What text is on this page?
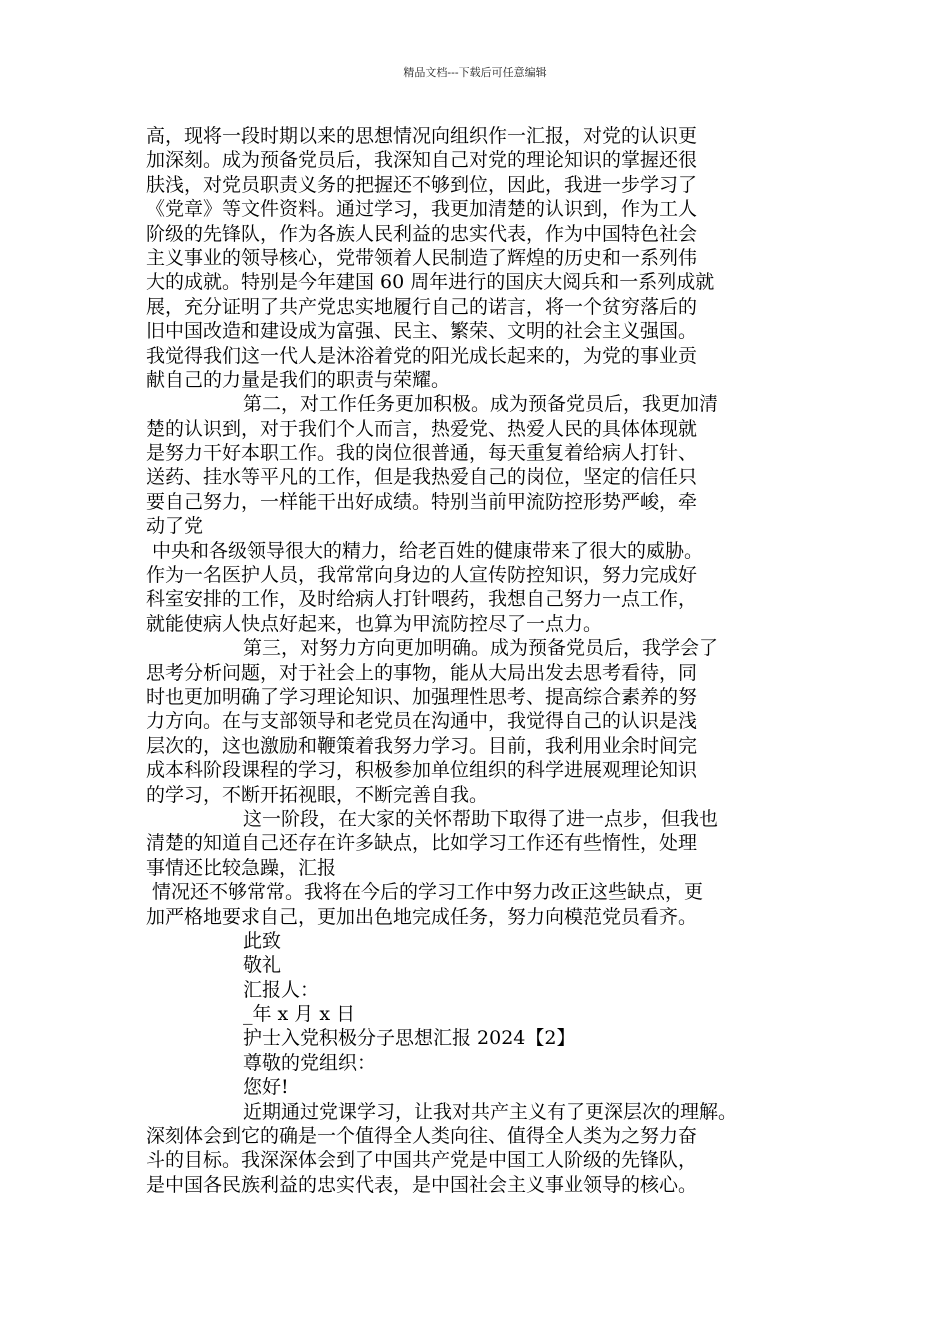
精品文档---下载后可任意编辑
高，现将一段时期以来的思想情况向组织作一汇报，对党的认识更
加深刻。成为预备党员后，我深知自己对党的理论知识的掌握还很
肤浅，对党员职责义务的把握还不够到位，因此，我进一步学习了
《党章》等文件资料。通过学习，我更加清楚的认识到，作为工人
阶级的先锋队，作为各族人民利益的忠实代表，作为中国特色社会
主义事业的领导核心，党带领着人民制造了辉煌的历史和一系列伟
大的成就。特别是今年建国 60 周年进行的国庆大阅兵和一系列成就
展，充分证明了共产党忠实地履行自己的诺言，将一个贫穷落后的
旧中国改造和建设成为富强、民主、繁荣、文明的社会主义强国。
我觉得我们这一代人是沐浴着党的阳光成长起来的，为党的事业贡
献自己的力量是我们的职责与荣耀。
第二，对工作任务更加积极。成为预备党员后，我更加清
楚的认识到，对于我们个人而言，热爱党、热爱人民的具体体现就
是努力干好本职工作。我的岗位很普通，每天重复着给病人打针、
送药、挂水等平凡的工作，但是我热爱自己的岗位，坚定的信任只
要自己努力，一样能干出好成绩。特别当前甲流防控形势严峻，牵
动了党
中央和各级领导很大的精力，给老百姓的健康带来了很大的威胁。
作为一名医护人员，我常常向身边的人宣传防控知识，努力完成好
科室安排的工作，及时给病人打针喂药，我想自己努力一点工作，
就能使病人快点好起来，也算为甲流防控尽了一点力。
第三，对努力方向更加明确。成为预备党员后，我学会了
思考分析问题，对于社会上的事物，能从大局出发去思考看待，同
时也更加明确了学习理论知识、加强理性思考、提高综合素养的努
力方向。在与支部领导和老党员在沟通中，我觉得自己的认识是浅
层次的，这也激励和鞭策着我努力学习。目前，我利用业余时间完
成本科阶段课程的学习，积极参加单位组织的科学进展观理论知识
的学习，不断开拓视眼，不断完善自我。
这一阶段，在大家的关怀帮助下取得了进一点步，但我也
清楚的知道自己还存在许多缺点，比如学习工作还有些惰性，处理
事情还比较急躁，汇报
情况还不够常常。我将在今后的学习工作中努力改正这些缺点，更
加严格地要求自己，更加出色地完成任务，努力向模范党员看齐。
此致
敬礼
汇报人：
_年 x 月 x 日
护士入党积极分子思想汇报 2024【2】
尊敬的党组织：
您好!
近期通过党课学习，让我对共产主义有了更深层次的理解。
深刻体会到它的确是一个值得全人类向往、值得全人类为之努力奋
斗的目标。我深深体会到了中国共产党是中国工人阶级的先锋队，
是中国各民族利益的忠实代表，是中国社会主义事业领导的核心。
